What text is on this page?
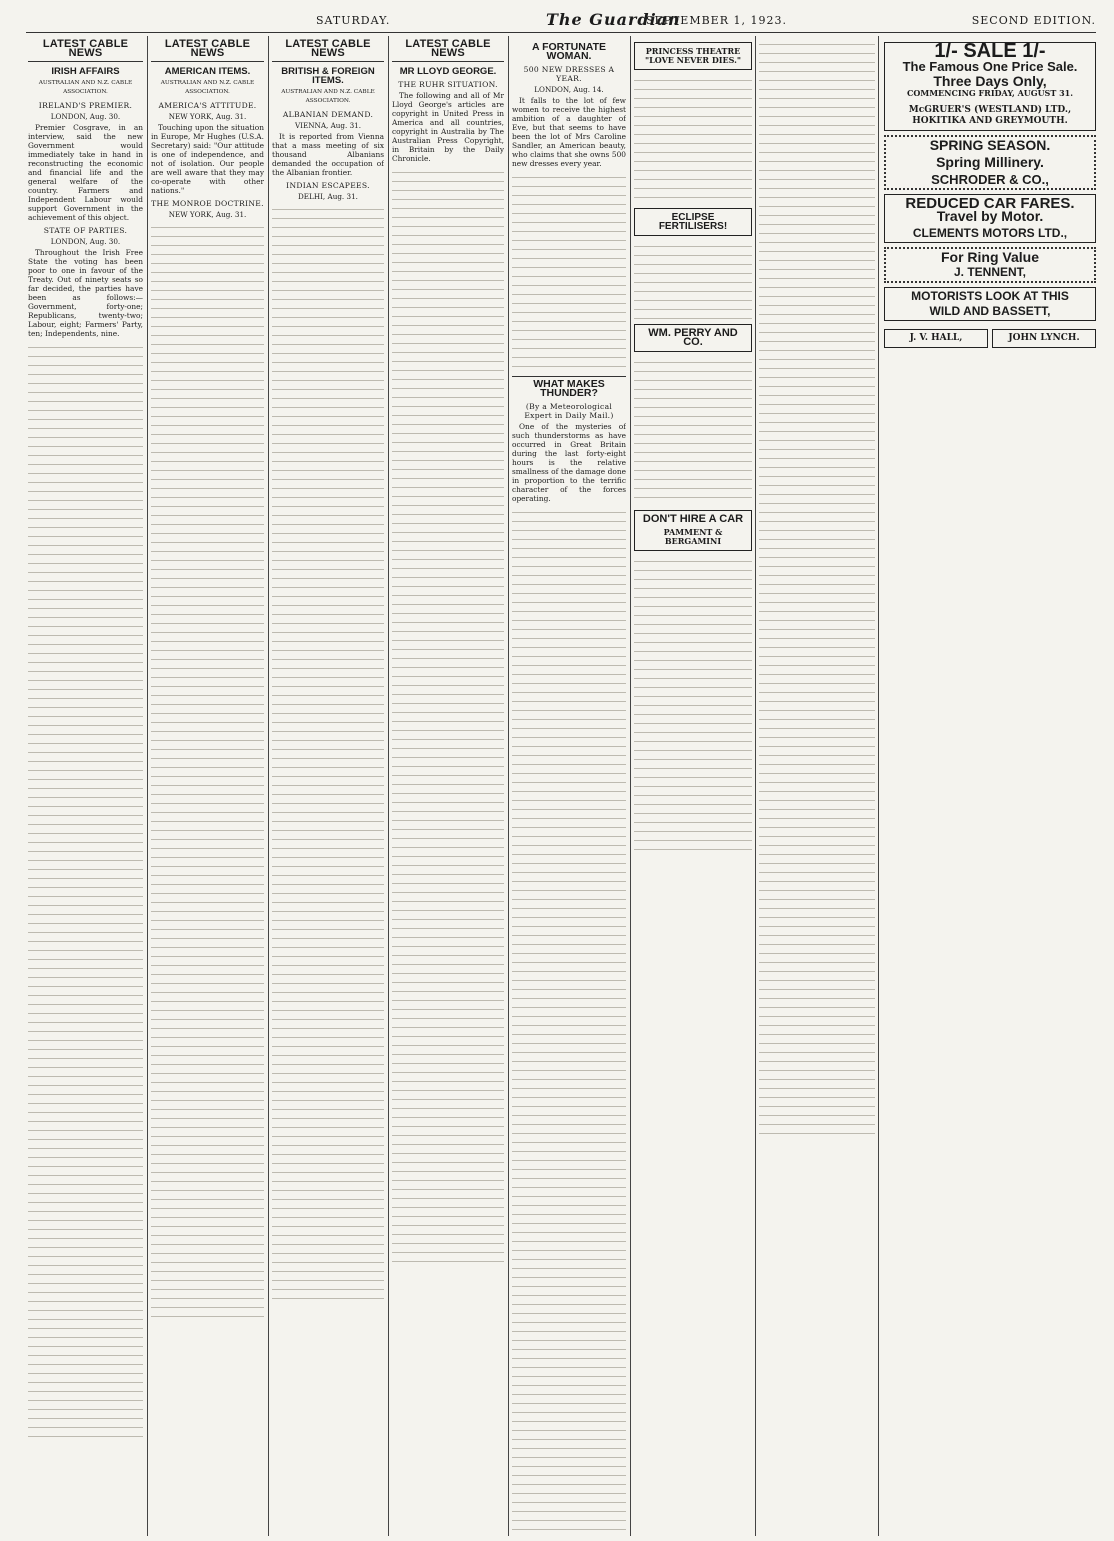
SATURDAY.	The Guardian
SEPTEMBER 1, 1923.	SECOND EDITION.
LATEST CABLE NEWS
IRISH AFFAIRS
AUSTRALIAN AND N.Z. CABLE ASSOCIATION.
IRELAND'S PREMIER.
LONDON, Aug. 30.

Premier Cosgrave, in an interview, said the new Government would immediately take in hand in reconstructing the economic and financial life and the general welfare of the country. Farmers and Independent Labour would support Government in the achievement of this object.

STATE OF PARTIES.
LONDON, Aug. 30.

Throughout the Irish Free State the voting has been poor to one in favour of the Treaty. Out of ninety seats so far decided, the parties have been as follows:—Government, forty-one; Republicans, twenty-two; Labour, eight; Farmers' Party, ten; Independents, nine.

LATEST CABLE NEWS
AMERICAN ITEMS.
AUSTRALIAN AND N.Z. CABLE ASSOCIATION.
AMERICA'S ATTITUDE.
NEW YORK, Aug. 31.

Touching upon the situation in Europe, Mr Hughes (U.S.A. Secretary) said: "Our attitude is one of independence, and not of isolation. Our people are well aware that they may co-operate with other nations."

THE MONROE DOCTRINE.
NEW YORK, Aug. 31.
LATEST CABLE NEWS
BRITISH & FOREIGN ITEMS.
AUSTRALIAN AND N.Z. CABLE ASSOCIATION.
ALBANIAN DEMAND.
VIENNA, Aug. 31.

It is reported from Vienna that a mass meeting of six thousand Albanians demanded the occupation of the Albanian frontier.

INDIAN ESCAPEES.
DELHI, Aug. 31.
LATEST CABLE NEWS
MR LLOYD GEORGE.
THE RUHR SITUATION.

The following and all of Mr Lloyd George's articles are copyright in United Press in America and all countries, copyright in Australia by The Australian Press Copyright, in Britain by the Daily Chronicle.

A FORTUNATE WOMAN.
500 NEW DRESSES A YEAR.
LONDON, Aug. 14.

It falls to the lot of few women to receive the highest ambition of a daughter of Eve, but that seems to have been the lot of Mrs Caroline Sandler, an American beauty, who claims that she owns 500 new dresses every year.

WHAT MAKES THUNDER?
(By a Meteorological Expert in Daily Mail.)

One of the mysteries of such thunderstorms as have occurred in Great Britain during the last forty-eight hours is the relative smallness of the damage done in proportion to the terrific character of the forces operating.

PRINCESS THEATRE
"LOVE NEVER DIES."
ECLIPSE FERTILISERS!
WM. PERRY AND CO.
DON'T HIRE A CAR
PAMMENT & BERGAMINI
1/- SALE 1/-
The Famous One Price Sale.
Three Days Only,
COMMENCING FRIDAY, AUGUST 31.
McGRUER'S (WESTLAND) LTD.,
HOKITIKA AND GREYMOUTH.
SPRING SEASON.
Spring Millinery.
SCHRODER & CO.,
REDUCED CAR FARES.
Travel by Motor.
CLEMENTS MOTORS LTD.,
For Ring Value
J. TENNENT,
MOTORISTS LOOK AT THIS
WILD AND BASSETT,
J. V. HALL,	JOHN LYNCH.
